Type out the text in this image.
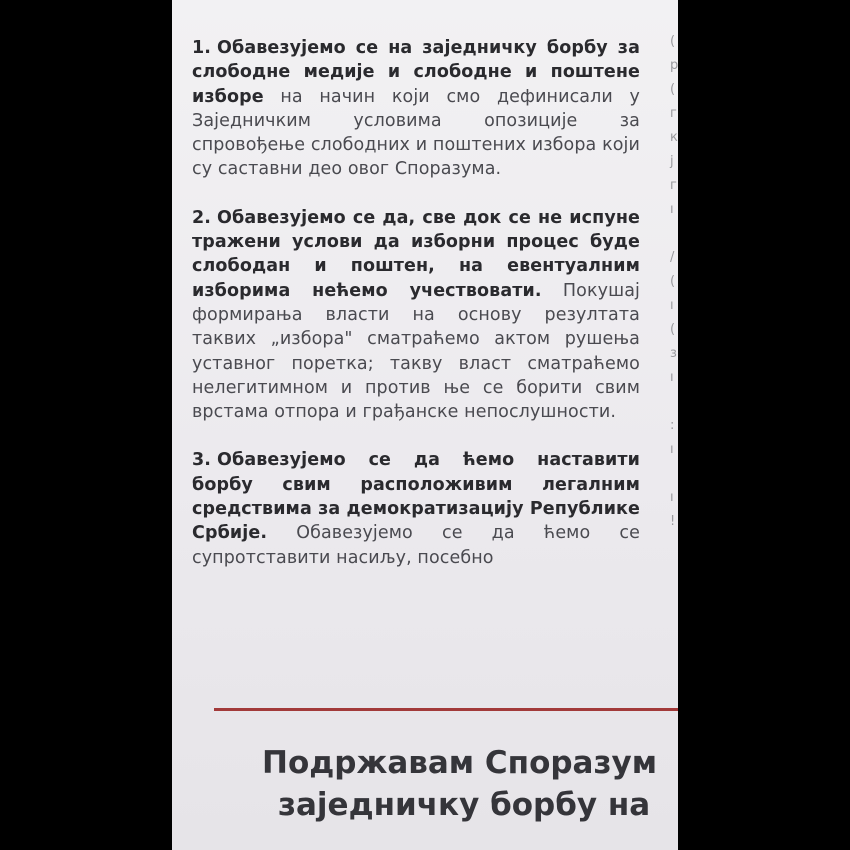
(
р
(
г
к
ј
г
ı

/
(
ı
(
з
ı

:
ı

ı
!

1. Обавезујемо се на заједничку борбу за слободне медије и слободне и поштене изборе на начин који смо дефинисали у Заједничким условима опозиције за спровођење слободних и поштених избора који су саставни део овог Споразума.

2. Обавезујемо се да, све док се не испуне тражени услови да изборни процес буде слободан и поштен, на евентуалним изборима нећемо учествовати. Покушај формирања власти на основу резултата таквих „избора" сматраћемо актом рушења уставног поретка; такву власт сматраћемо нелегитимном и против ње се борити свим врстама отпора и грађанске непослушности.

3. Обавезујемо се да ћемо наставити борбу свим расположивим легалним средствима за демократизацију Републике Србије. Обавезујемо се да ћемо се супротставити насиљу, посебно

Подржавам Споразум
заједничку борбу на
